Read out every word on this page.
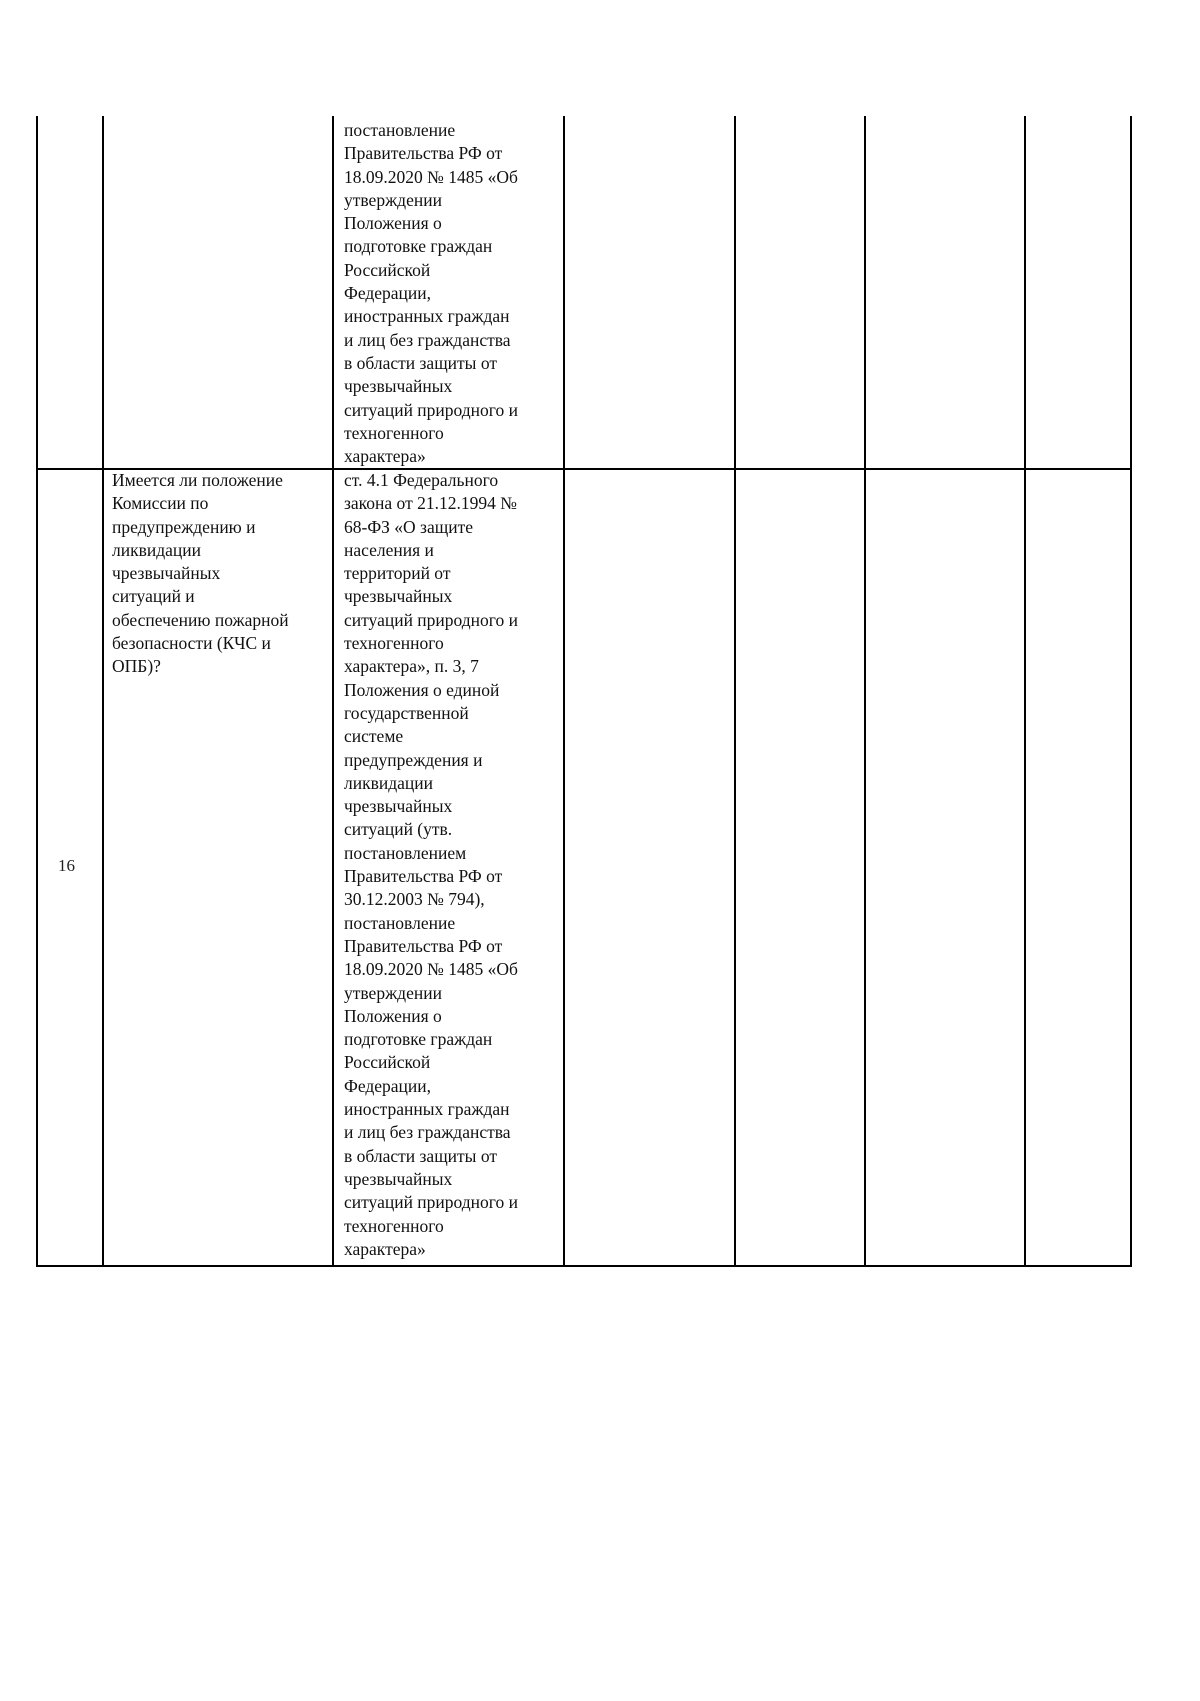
постановление
Правительства РФ от
18.09.2020 № 1485 «Об
утверждении
Положения о
подготовке граждан
Российской
Федерации,
иностранных граждан
и лиц без гражданства
в области защиты от
чрезвычайных
ситуаций природного и
техногенного
характера»

16

Имеется ли положение
Комиссии по
предупреждению и
ликвидации
чрезвычайных
ситуаций и
обеспечению пожарной
безопасности (КЧС и
ОПБ)?

ст. 4.1 Федерального
закона от 21.12.1994 №
68-ФЗ «О защите
населения и
территорий от
чрезвычайных
ситуаций природного и
техногенного
характера», п. 3, 7
Положения о единой
государственной
системе
предупреждения и
ликвидации
чрезвычайных
ситуаций (утв.
постановлением
Правительства РФ от
30.12.2003 № 794),
постановление
Правительства РФ от
18.09.2020 № 1485 «Об
утверждении
Положения о
подготовке граждан
Российской
Федерации,
иностранных граждан
и лиц без гражданства
в области защиты от
чрезвычайных
ситуаций природного и
техногенного
характера»
